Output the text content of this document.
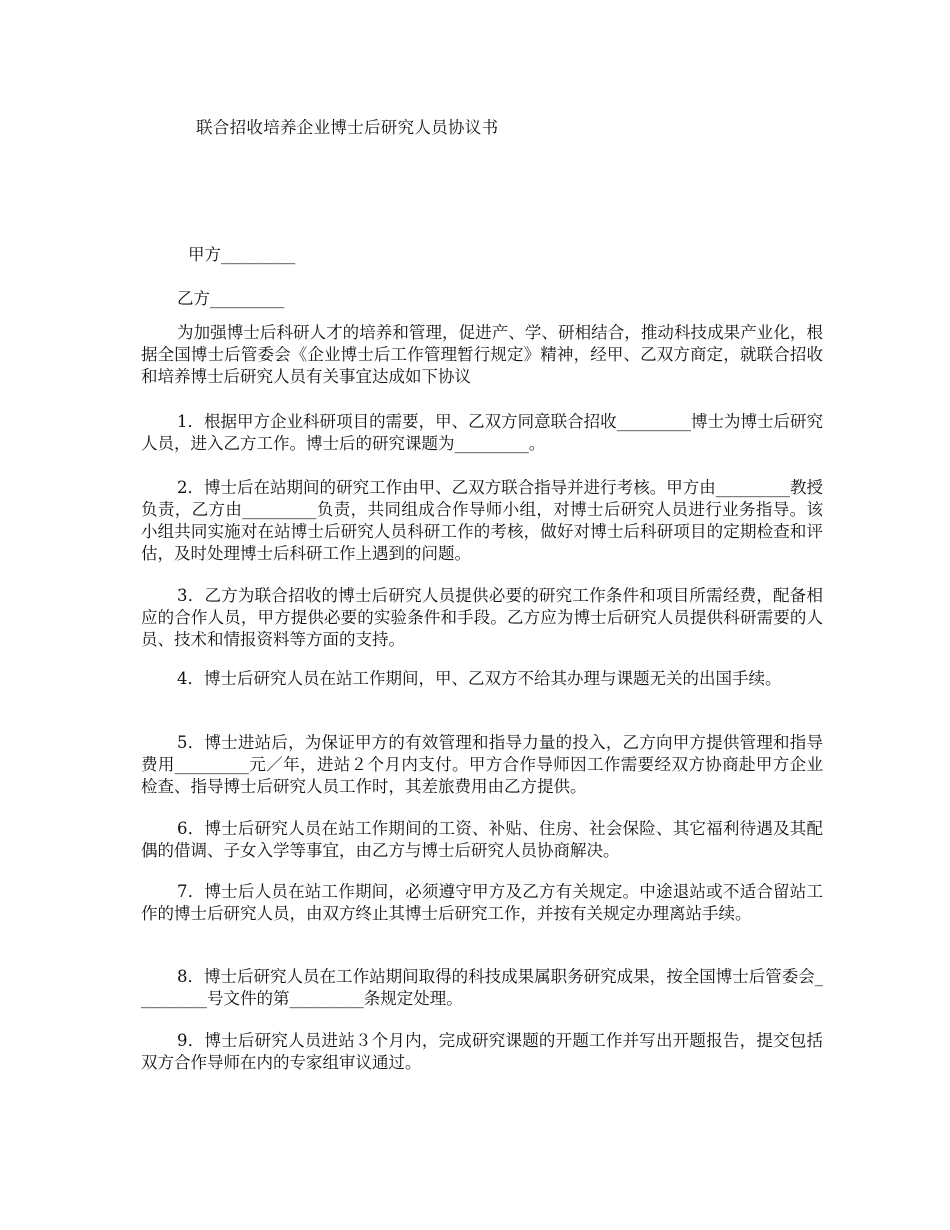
联合招收培养企业博士后研究人员协议书
甲方_________
乙方_________

为加强博士后科研人才的培养和管理，促进产、学、研相结合，推动科技成果产业化，根据全国博士后管委会《企业博士后工作管理暂行规定》精神，经甲、乙双方商定，就联合招收和培养博士后研究人员有关事宜达成如下协议

1．根据甲方企业科研项目的需要，甲、乙双方同意联合招收_________博士为博士后研究人员，进入乙方工作。博士后的研究课题为_________。

2．博士后在站期间的研究工作由甲、乙双方联合指导并进行考核。甲方由_________教授负责，乙方由_________负责，共同组成合作导师小组，对博士后研究人员进行业务指导。该小组共同实施对在站博士后研究人员科研工作的考核，做好对博士后科研项目的定期检查和评估，及时处理博士后科研工作上遇到的问题。

3．乙方为联合招收的博士后研究人员提供必要的研究工作条件和项目所需经费，配备相应的合作人员，甲方提供必要的实验条件和手段。乙方应为博士后研究人员提供科研需要的人员、技术和情报资料等方面的支持。

4．博士后研究人员在站工作期间，甲、乙双方不给其办理与课题无关的出国手续。

5．博士进站后，为保证甲方的有效管理和指导力量的投入，乙方向甲方提供管理和指导费用_________元／年，进站２个月内支付。甲方合作导师因工作需要经双方协商赴甲方企业检查、指导博士后研究人员工作时，其差旅费用由乙方提供。

6．博士后研究人员在站工作期间的工资、补贴、住房、社会保险、其它福利待遇及其配偶的借调、子女入学等事宜，由乙方与博士后研究人员协商解决。

7．博士后人员在站工作期间，必须遵守甲方及乙方有关规定。中途退站或不适合留站工作的博士后研究人员，由双方终止其博士后研究工作，并按有关规定办理离站手续。

8．博士后研究人员在工作站期间取得的科技成果属职务研究成果，按全国博士后管委会_________号文件的第_________条规定处理。

9．博士后研究人员进站３个月内，完成研究课题的开题工作并写出开题报告，提交包括双方合作导师在内的专家组审议通过。
